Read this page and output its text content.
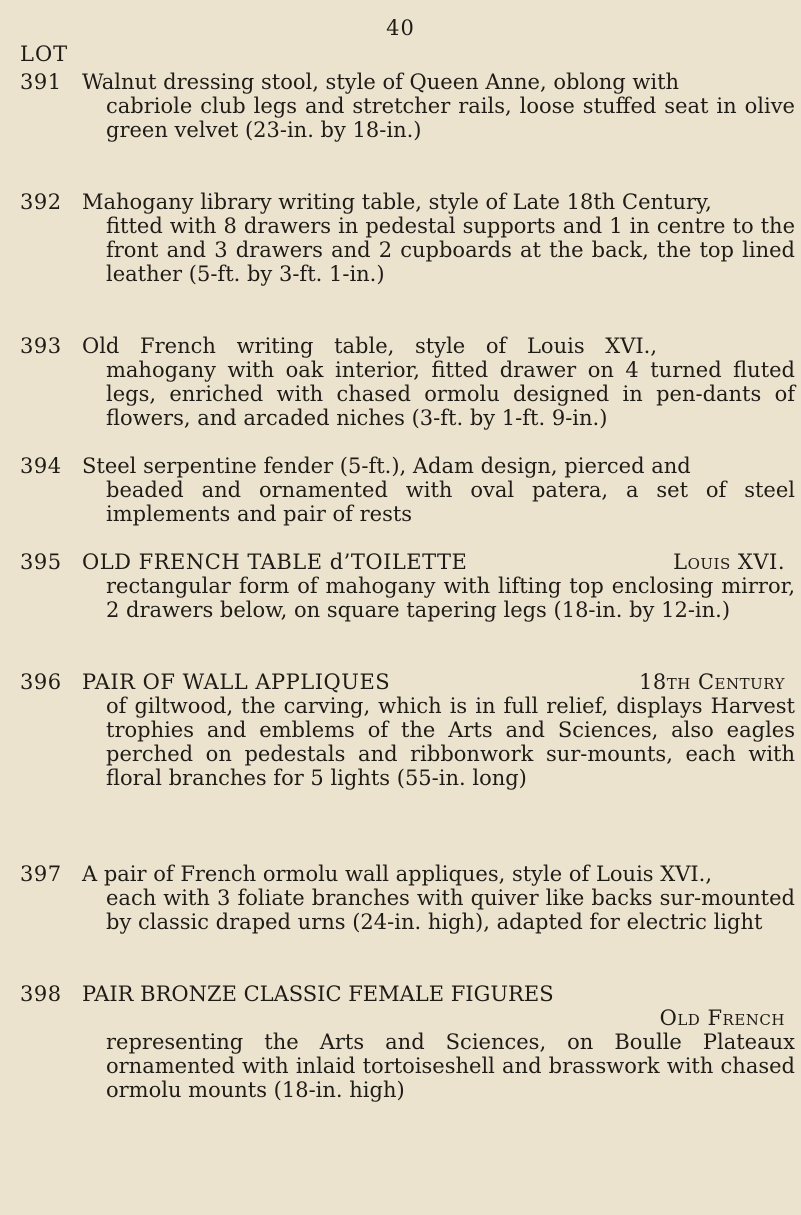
40
LOT
391 Walnut dressing stool, style of Queen Anne, oblong with
cabriole club legs and stretcher rails, loose stuffed seat in olive green velvet (23-in. by 18-in.)
392 Mahogany library writing table, style of Late 18th Century,
fitted with 8 drawers in pedestal supports and 1 in centre to the front and 3 drawers and 2 cupboards at the back, the top lined leather (5-ft. by 3-ft. 1-in.)
393 Old French writing table, style of Louis XVI.,
mahogany with oak interior, fitted drawer on 4 turned fluted legs, enriched with chased ormolu designed in pen-dants of flowers, and arcaded niches (3-ft. by 1-ft. 9-in.)
394 Steel serpentine fender (5-ft.), Adam design, pierced and
beaded and ornamented with oval patera, a set of steel implements and pair of rests
395 OLD FRENCH TABLE d’TOILETTE	Louis XVI.
rectangular form of mahogany with lifting top enclosing mirror, 2 drawers below, on square tapering legs (18-in. by 12-in.)
396 PAIR OF WALL APPLIQUES	18th Century
of giltwood, the carving, which is in full relief, displays Harvest trophies and emblems of the Arts and Sciences, also eagles perched on pedestals and ribbonwork sur-mounts, each with floral branches for 5 lights (55-in. long)
397 A pair of French ormolu wall appliques, style of Louis XVI.,
each with 3 foliate branches with quiver like backs sur-mounted by classic draped urns (24-in. high), adapted for electric light
398 PAIR BRONZE CLASSIC FEMALE FIGURES
Old French
representing the Arts and Sciences, on Boulle Plateaux ornamented with inlaid tortoiseshell and brasswork with chased ormolu mounts (18-in. high)
